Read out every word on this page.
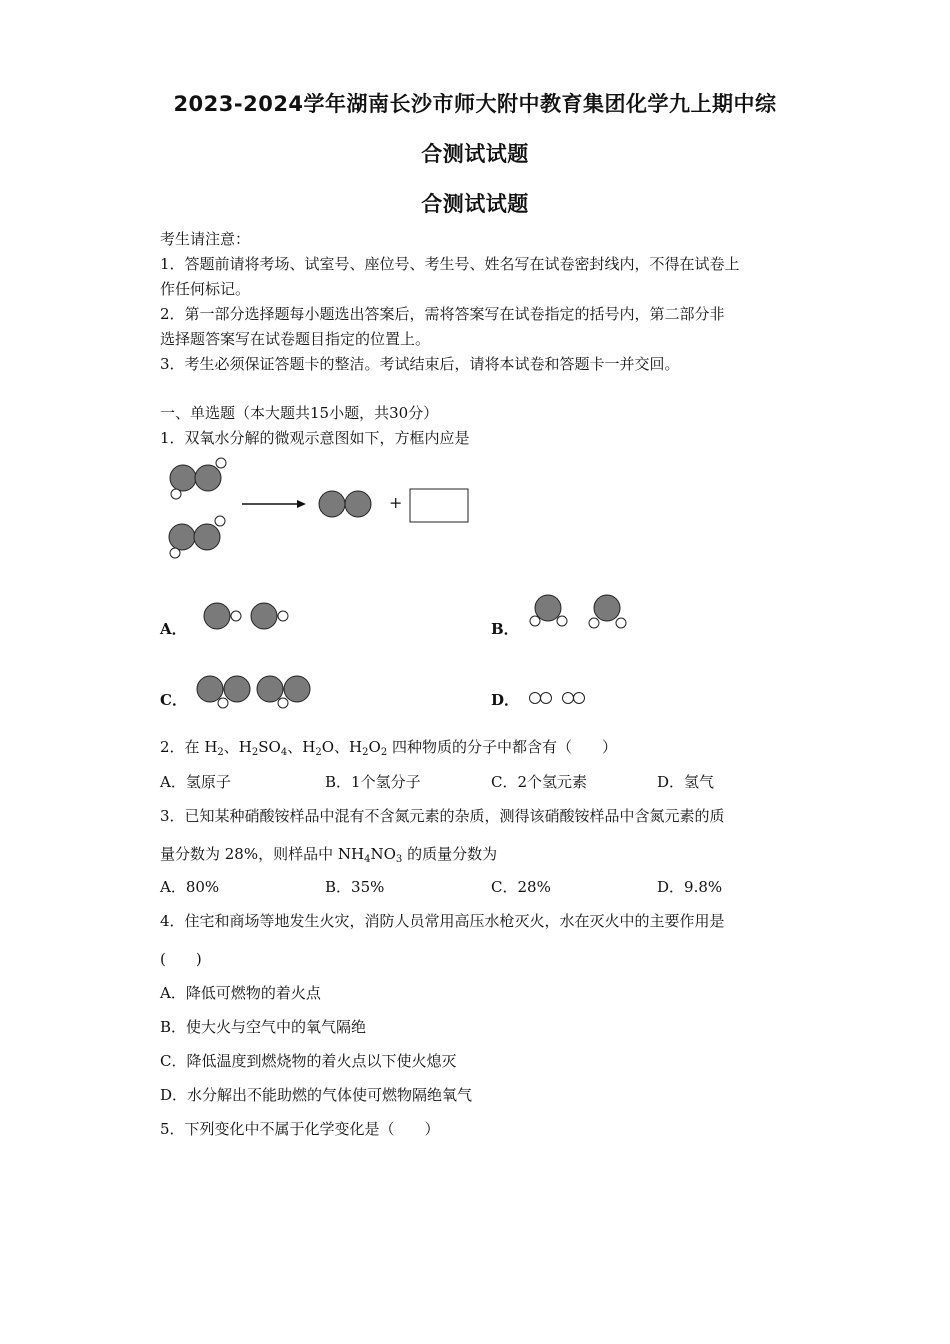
2023-2024学年湖南长沙市师大附中教育集团化学九上期中综
合测试试题
合测试试题
考生请注意：
1．答题前请将考场、试室号、座位号、考生号、姓名写在试卷密封线内，不得在试卷上
作任何标记。
2．第一部分选择题每小题选出答案后，需将答案写在试卷指定的括号内，第二部分非
选择题答案写在试卷题目指定的位置上。
3．考生必须保证答题卡的整洁。考试结束后，请将本试卷和答题卡一并交回。
一、单选题（本大题共15小题，共30分）
1．双氧水分解的微观示意图如下，方框内应是
+
A．	B．
C．	D．
2．在 $H_2$、$H_2SO_4$、$H_2O$、$H_2O_2$ 四种物质的分子中都含有（　　）
A．氢原子	B．1个氢分子	C．2个氢元素	D．氢气
3．已知某种硝酸铵样品中混有不含氮元素的杂质，测得该硝酸铵样品中含氮元素的质
量分数为 28%，则样品中 $NH_4NO_3$ 的质量分数为
A．80%	B．35%	C．28%	D．9.8%
4．住宅和商场等地发生火灾，消防人员常用高压水枪灭火，水在灭火中的主要作用是
(　　)
A．降低可燃物的着火点
B．使大火与空气中的氧气隔绝
C．降低温度到燃烧物的着火点以下使火熄灭
D．水分解出不能助燃的气体使可燃物隔绝氧气
5．下列变化中不属于化学变化是（　　）
